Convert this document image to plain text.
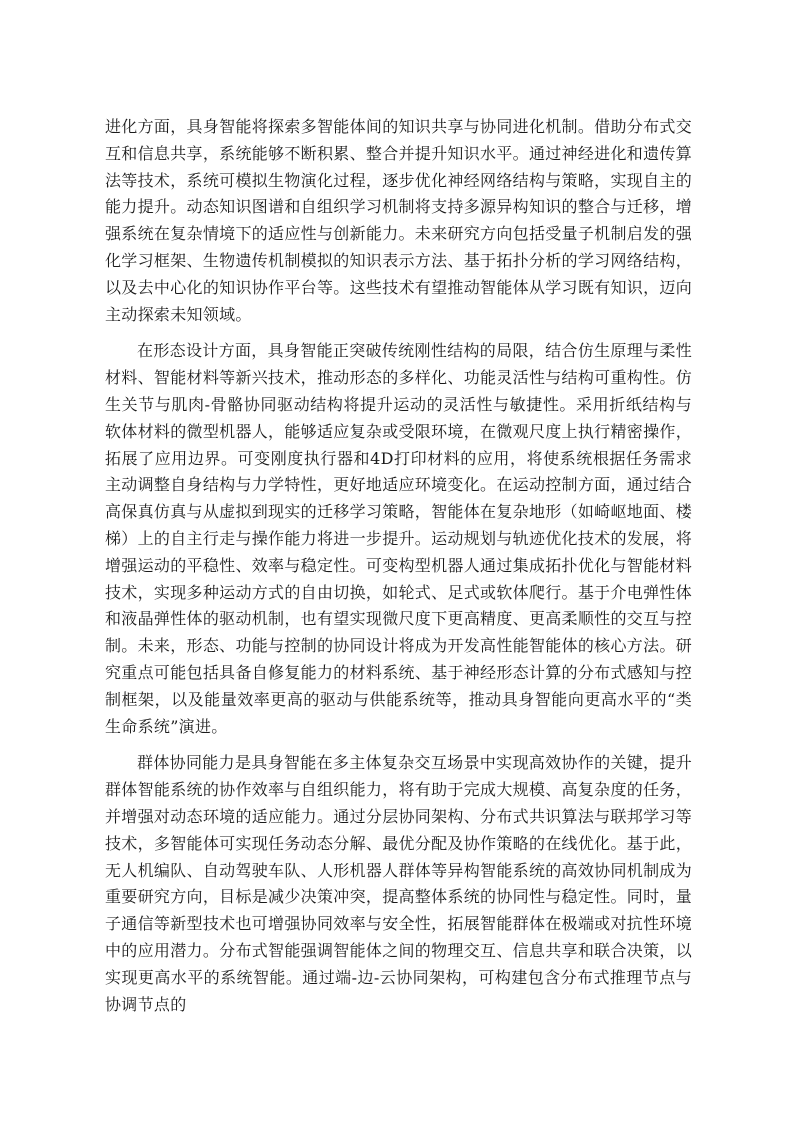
进化方面，具身智能将探索多智能体间的知识共享与协同进化机制。借助分布式交互和信息共享，系统能够不断积累、整合并提升知识水平。通过神经进化和遗传算法等技术，系统可模拟生物演化过程，逐步优化神经网络结构与策略，实现自主的能力提升。动态知识图谱和自组织学习机制将支持多源异构知识的整合与迁移，增强系统在复杂情境下的适应性与创新能力。未来研究方向包括受量子机制启发的强化学习框架、生物遗传机制模拟的知识表示方法、基于拓扑分析的学习网络结构，以及去中心化的知识协作平台等。这些技术有望推动智能体从学习既有知识，迈向主动探索未知领域。

在形态设计方面，具身智能正突破传统刚性结构的局限，结合仿生原理与柔性材料、智能材料等新兴技术，推动形态的多样化、功能灵活性与结构可重构性。仿生关节与肌肉-骨骼协同驱动结构将提升运动的灵活性与敏捷性。采用折纸结构与软体材料的微型机器人，能够适应复杂或受限环境，在微观尺度上执行精密操作，拓展了应用边界。可变刚度执行器和4D打印材料的应用，将使系统根据任务需求主动调整自身结构与力学特性，更好地适应环境变化。在运动控制方面，通过结合高保真仿真与从虚拟到现实的迁移学习策略，智能体在复杂地形（如崎岖地面、楼梯）上的自主行走与操作能力将进一步提升。运动规划与轨迹优化技术的发展，将增强运动的平稳性、效率与稳定性。可变构型机器人通过集成拓扑优化与智能材料技术，实现多种运动方式的自由切换，如轮式、足式或软体爬行。基于介电弹性体和液晶弹性体的驱动机制，也有望实现微尺度下更高精度、更高柔顺性的交互与控制。未来，形态、功能与控制的协同设计将成为开发高性能智能体的核心方法。研究重点可能包括具备自修复能力的材料系统、基于神经形态计算的分布式感知与控制框架，以及能量效率更高的驱动与供能系统等，推动具身智能向更高水平的“类生命系统”演进。

群体协同能力是具身智能在多主体复杂交互场景中实现高效协作的关键，提升群体智能系统的协作效率与自组织能力，将有助于完成大规模、高复杂度的任务，并增强对动态环境的适应能力。通过分层协同架构、分布式共识算法与联邦学习等技术，多智能体可实现任务动态分解、最优分配及协作策略的在线优化。基于此，无人机编队、自动驾驶车队、人形机器人群体等异构智能系统的高效协同机制成为重要研究方向，目标是减少决策冲突，提高整体系统的协同性与稳定性。同时，量子通信等新型技术也可增强协同效率与安全性，拓展智能群体在极端或对抗性环境中的应用潜力。分布式智能强调智能体之间的物理交互、信息共享和联合决策，以实现更高水平的系统智能。通过端-边-云协同架构，可构建包含分布式推理节点与协调节点的
